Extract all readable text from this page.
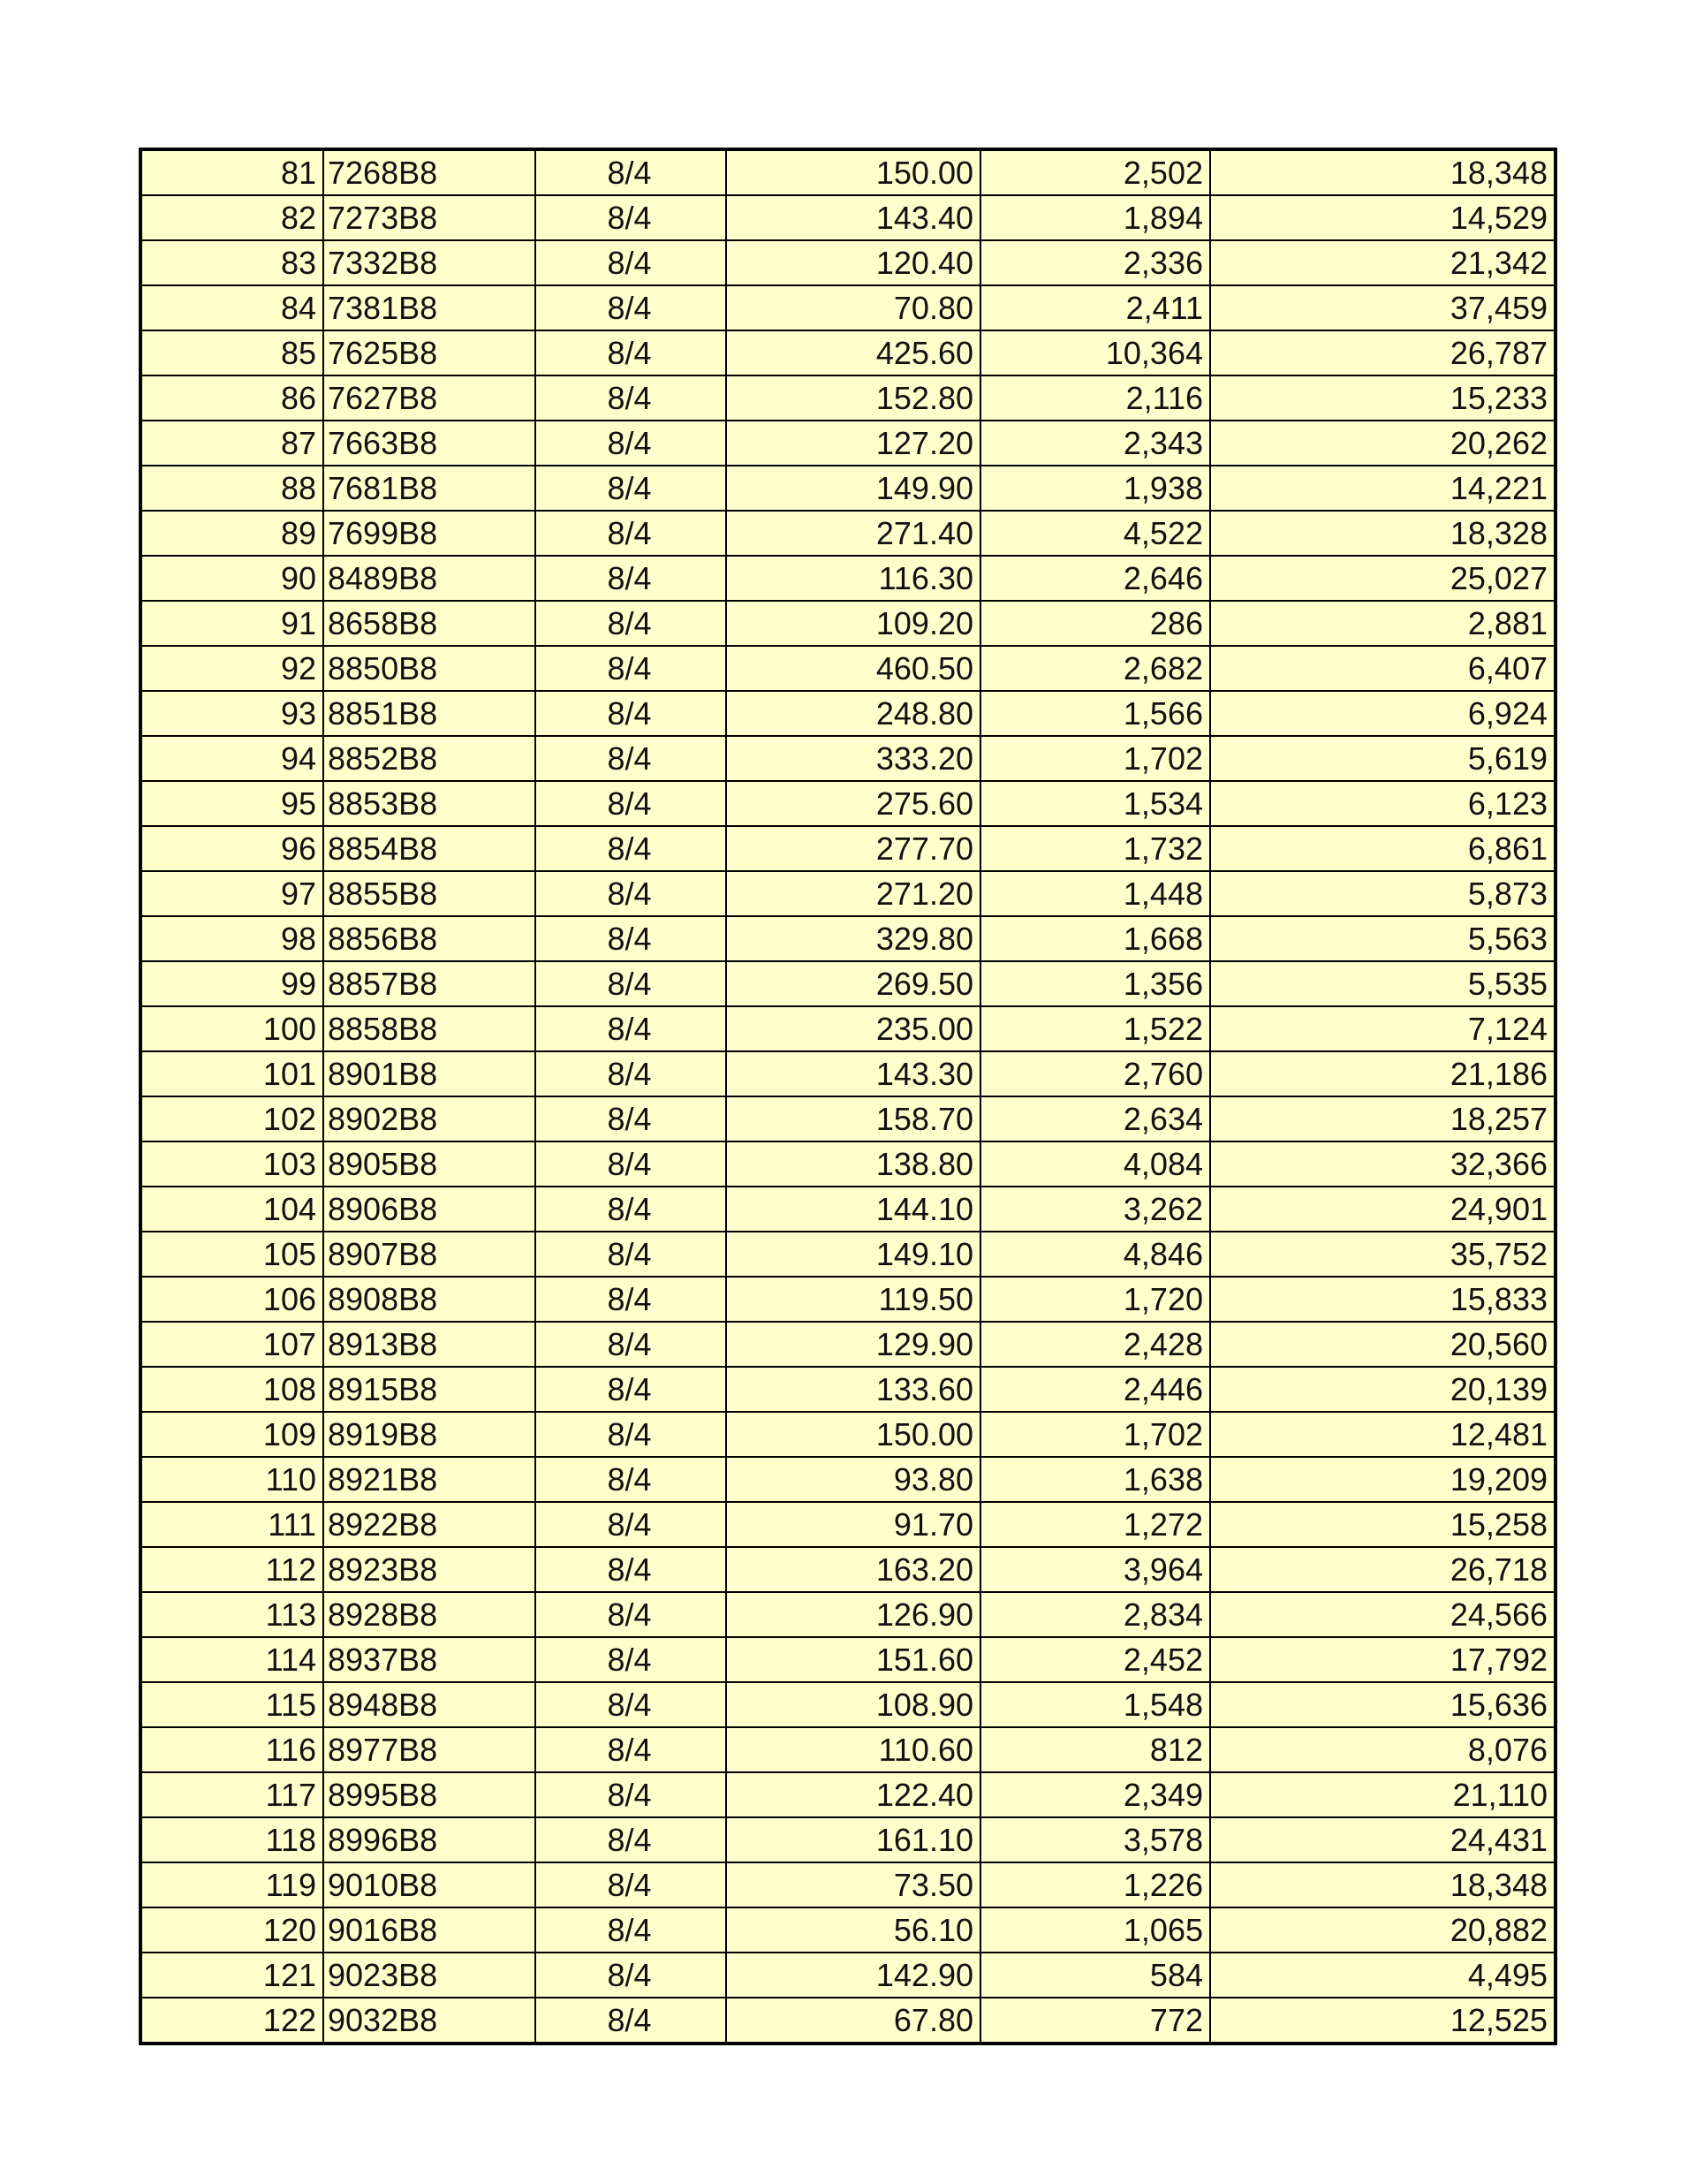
81	7268B8	8/4	150.00	2,502	18,348
82	7273B8	8/4	143.40	1,894	14,529
83	7332B8	8/4	120.40	2,336	21,342
84	7381B8	8/4	70.80	2,411	37,459
85	7625B8	8/4	425.60	10,364	26,787
86	7627B8	8/4	152.80	2,116	15,233
87	7663B8	8/4	127.20	2,343	20,262
88	7681B8	8/4	149.90	1,938	14,221
89	7699B8	8/4	271.40	4,522	18,328
90	8489B8	8/4	116.30	2,646	25,027
91	8658B8	8/4	109.20	286	2,881
92	8850B8	8/4	460.50	2,682	6,407
93	8851B8	8/4	248.80	1,566	6,924
94	8852B8	8/4	333.20	1,702	5,619
95	8853B8	8/4	275.60	1,534	6,123
96	8854B8	8/4	277.70	1,732	6,861
97	8855B8	8/4	271.20	1,448	5,873
98	8856B8	8/4	329.80	1,668	5,563
99	8857B8	8/4	269.50	1,356	5,535
100	8858B8	8/4	235.00	1,522	7,124
101	8901B8	8/4	143.30	2,760	21,186
102	8902B8	8/4	158.70	2,634	18,257
103	8905B8	8/4	138.80	4,084	32,366
104	8906B8	8/4	144.10	3,262	24,901
105	8907B8	8/4	149.10	4,846	35,752
106	8908B8	8/4	119.50	1,720	15,833
107	8913B8	8/4	129.90	2,428	20,560
108	8915B8	8/4	133.60	2,446	20,139
109	8919B8	8/4	150.00	1,702	12,481
110	8921B8	8/4	93.80	1,638	19,209
111	8922B8	8/4	91.70	1,272	15,258
112	8923B8	8/4	163.20	3,964	26,718
113	8928B8	8/4	126.90	2,834	24,566
114	8937B8	8/4	151.60	2,452	17,792
115	8948B8	8/4	108.90	1,548	15,636
116	8977B8	8/4	110.60	812	8,076
117	8995B8	8/4	122.40	2,349	21,110
118	8996B8	8/4	161.10	3,578	24,431
119	9010B8	8/4	73.50	1,226	18,348
120	9016B8	8/4	56.10	1,065	20,882
121	9023B8	8/4	142.90	584	4,495
122	9032B8	8/4	67.80	772	12,525
